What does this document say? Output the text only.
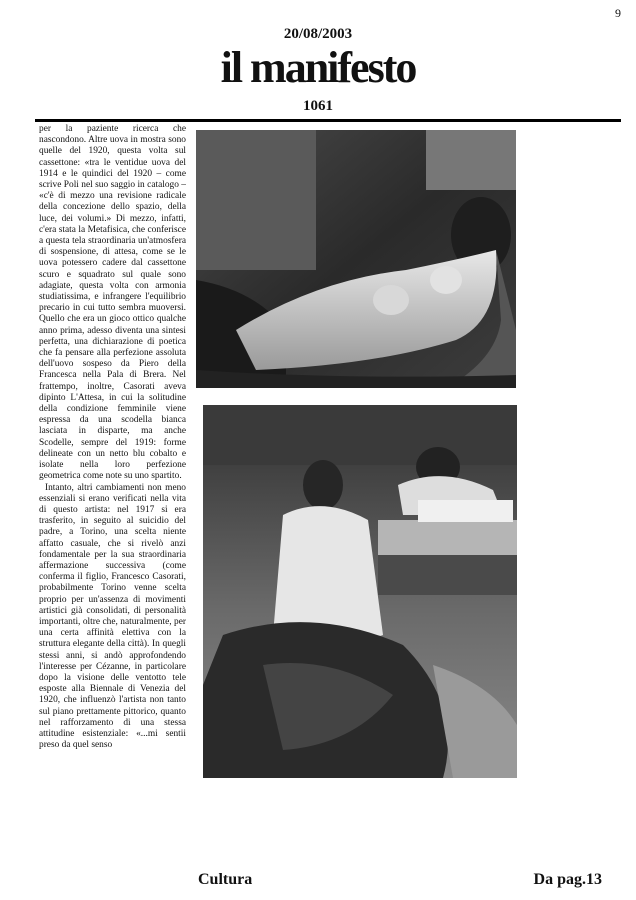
9
20/08/2003
il manifesto
1061

per la paziente ricerca che nascondono. Altre uova in mostra sono quelle del 1920, questa volta sul cassettone: «tra le ventidue uova del 1914 e le quindici del 1920 – come scrive Poli nel suo saggio in catalogo – «c'è di mezzo una revisione radicale della concezione dello spazio, della luce, dei volumi.» Di mezzo, infatti, c'era stata la Metafisica, che conferisce a questa tela straordinaria un'atmosfera di sospensione, di attesa, come se le uova potessero cadere dal cassettone scuro e squadrato sul quale sono adagiate, questa volta con armonia studiatissima, e infrangere l'equilibrio precario in cui tutto sembra muoversi. Quello che era un gioco ottico qualche anno prima, adesso diventa una sintesi perfetta, una dichiarazione di poetica che fa pensare alla perfezione assoluta dell'uovo sospeso da Piero della Francesca nella Pala di Brera. Nel frattempo, inoltre, Casorati aveva dipinto L'Attesa, in cui la solitudine della condizione femminile viene espressa da una scodella bianca lasciata in disparte, ma anche Scodelle, sempre del 1919: forme delineate con un netto blu cobalto e isolate nella loro perfezione geometrica come note su uno spartito.

Intanto, altri cambiamenti non meno essenziali si erano verificati nella vita di questo artista: nel 1917 si era trasferito, in seguito al suicidio del padre, a Torino, una scelta niente affatto casuale, che si rivelò anzi fondamentale per la sua straordinaria affermazione successiva (come conferma il figlio, Francesco Casorati, probabilmente Torino venne scelta proprio per un'assenza di movimenti artistici già consolidati, di personalità importanti, oltre che, naturalmente, per una certa affinità elettiva con la struttura elegante della città). In quegli stessi anni, si andò approfondendo l'interesse per Cézanne, in particolare dopo la visione delle ventotto tele esposte alla Biennale di Venezia del 1920, che influenzò l'artista non tanto sul piano prettamente pittorico, quanto nel rafforzamento di una stessa attitudine esistenziale: «...mi sentii preso da quel senso

Cultura	Da pag.13
